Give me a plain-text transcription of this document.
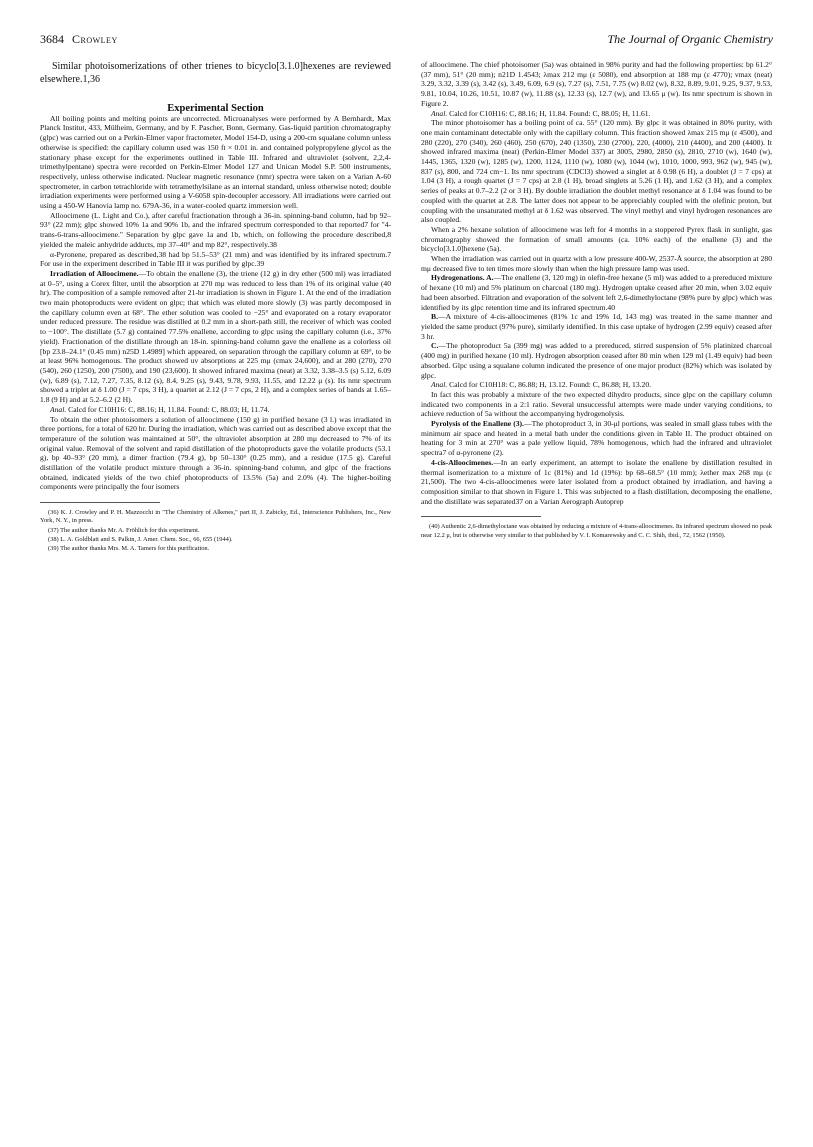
3684 Crowley	The Journal of Organic Chemistry

Similar photoisomerizations of other trienes to bicyclo[3.1.0]hexenes are reviewed elsewhere.1,36

Experimental Section

All boiling points and melting points are uncorrected. Microanalyses were performed by A Bernhardt, Max Planck Institut, 433, Mülheim, Germany, and by F. Pascher, Bonn, Germany. Gas-liquid partition chromatography (glpc) was carried out on a Perkin-Elmer vapor fractometer, Model 154-D, using a 200-cm squalane column unless otherwise is specified: the capillary column used was 150 ft × 0.01 in. and contained polypropylene glycol as the stationary phase except for the experiments outlined in Table III. Infrared and ultraviolet (solvent, 2,2,4-trimethylpentane) spectra were recorded on Perkin-Elmer Model 127 and Unican Model S.P. 500 instruments, respectively, unless otherwise indicated. Nuclear magnetic resonance (nmr) spectra were taken on a Varian A-60 spectrometer, in carbon tetrachloride with tetramethylsilane as an internal standard, unless otherwise noted; double irradiation experiments were performed using a V-6058 spin-decoupler accessory. All irradiations were carried out using a 450-W Hanovia lamp no. 679A-36, in a water-cooled quartz immersion well.

Alloocimene (L. Light and Co.), after careful fractionation through a 36-in. spinning-band column, had bp 92–93° (22 mm); glpc showed 10% 1a and 90% 1b, and the infrared spectrum corresponded to that reported7 for "4-trans-6-trans-alloocimene." Separation by glpc gave 1a and 1b, which, on following the procedure described,8 yielded the maleic anhydride adducts, mp 37–40° and mp 82°, respectively.38

α-Pyronene, prepared as described,38 had bp 51.5–53° (21 mm) and was identified by its infrared spectrum.7 For use in the experiment described in Table III it was purified by glpc.39

Irradiation of Alloocimene.—To obtain the enallene (3), the triene (12 g) in dry ether (500 ml) was irradiated at 0–5°, using a Corex filter, until the absorption at 270 mμ was reduced to less than 1% of its original value (40 hr). The composition of a sample removed after 21-hr irradiation is shown in Figure 1. At the end of the irradiation two main photoproducts were evident on glpc; that which was eluted more slowly (3) was partly decomposed in the capillary column even at 68°. The ether solution was cooled to −25° and evaporated on a rotary evaporator under reduced pressure. The residue was distilled at 0.2 mm in a short-path still, the receiver of which was cooled to −100°. The distillate (5.7 g) contained 77.5% enallene, according to glpc using the capillary column (i.e., 37% yield). Fractionation of the distillate through an 18-in. spinning-band column gave the enallene as a colorless oil [bp 23.8–24.1° (0.45 mm) n25D 1.4989] which appeared, on separation through the capillary column at 69°, to be at least 96% homogenous. The product showed uv absorptions at 225 mμ (εmax 24,600), and at 280 (270), 270 (540), 260 (1250), 200 (7500), and 190 (23,600). It showed infrared maxima (neat) at 3.32, 3.38–3.5 (s) 5.12, 6.09 (w), 6.89 (s), 7.12, 7.27, 7.35, 8.12 (s), 8.4, 9.25 (s), 9.43, 9.78, 9.93, 11.55, and 12.22 μ (s). Its nmr spectrum showed a triplet at δ 1.00 (J = 7 cps, 3 H), a quartet at 2.12 (J = 7 cps, 2 H), and a complex series of bands at 1.65–1.8 (9 H) and at 5.2–6.2 (2 H).

Anal. Calcd for C10H16: C, 88.16; H, 11.84. Found: C, 88.03; H, 11.74.

To obtain the other photoisomers a solution of alloocimene (150 g) in purified hexane (3 l.) was irradiated in three portions, for a total of 620 hr. During the irradiation, which was carried out as described above except that the temperature of the solution was maintained at 50°, the ultraviolet absorption at 280 mμ decreased to 7% of its original value. Removal of the solvent and rapid distillation of the photoproducts gave the volatile products (53.1 g), bp 40–93° (20 mm), a dimer fraction (79.4 g), bp 50–130° (0.25 mm), and a residue (17.5 g). Careful distillation of the volatile product mixture through a 36-in. spinning-band column, and glpc of the fractions obtained, indicated yields of the two chief photoproducts of 13.5% (5a) and 2.0% (4). The higher-boiling components were principally the four isomers

(36) K. J. Crowley and P. H. Mazzocchi in "The Chemistry of Alkenes," part II, J. Zabicky, Ed., Interscience Publishers, Inc., New York, N. Y., in press.

(37) The author thanks Mr. A. Fröhlich for this experiment.

(38) L. A. Goldblatt and S. Palkin, J. Amer. Chem. Soc., 66, 655 (1944).

(39) The author thanks Mrs. M. A. Tamers for this purification.

of alloocimene. The chief photoisomer (5a) was obtained in 98% purity and had the following properties: bp 61.2° (37 mm), 51° (20 mm); n21D 1.4543; λmax 212 mμ (ε 5080), end absorption at 188 mμ (ε 4770); νmax (neat) 3.29, 3.32, 3.39 (s), 3.42 (s), 3.49, 6.09, 6.9 (s), 7.27 (s), 7.51, 7.75 (w) 8.02 (w), 8.32, 8.89, 9.01, 9.25, 9.37, 9.53, 9.81, 10.04, 10.26, 10.51, 10.87 (w), 11.88 (s), 12.33 (s), 12.7 (w), and 13.65 μ (w). Its nmr spectrum is shown in Figure 2.

Anal. Calcd for C10H16: C, 88.16; H, 11.84. Found: C, 88.05; H, 11.61.

The minor photoisomer has a boiling point of ca. 55° (120 mm). By glpc it was obtained in 80% purity, with one main contaminant detectable only with the capillary column. This fraction showed λmax 215 mμ (ε 4500), and 280 (220), 270 (340), 260 (460), 250 (670), 240 (1350), 230 (2700), 220, (4000), 210 (4400), and 200 (4400). It showed infrared maxima (neat) (Perkin-Elmer Model 337) at 3005, 2980, 2850 (s), 2810, 2710 (w), 1640 (w), 1445, 1365, 1320 (w), 1285 (w), 1200, 1124, 1110 (w), 1080 (w), 1044 (w), 1010, 1000, 993, 962 (w), 945 (w), 837 (s), 800, and 724 cm−1. Its nmr spectrum (CDCl3) showed a singlet at δ 0.98 (6 H), a doublet (J = 7 cps) at 1.04 (3 H), a rough quartet (J = 7 cps) at 2.8 (1 H), broad singlets at 5.26 (1 H), and 1.62 (3 H), and a complex series of peaks at 0.7–2.2 (2 or 3 H). By double irradiation the doublet methyl resonance at δ 1.04 was found to be coupled with the quartet at 2.8. The latter does not appear to be appreciably coupled with the olefinic proton, but coupling with the unsaturated methyl at δ 1.62 was observed. The vinyl methyl and vinyl hydrogen resonances are also coupled.

When a 2% hexane solution of alloocimene was left for 4 months in a stoppered Pyrex flask in sunlight, gas chromatography showed the formation of small amounts (ca. 10% each) of the enallene (3) and the bicyclo[3.1.0]hexene (5a).

When the irradiation was carried out in quartz with a low pressure 400-W, 2537-Å source, the absorption at 280 mμ decreased five to ten times more slowly than when the high pressure lamp was used.

Hydrogenations. A.—The enallene (3, 120 mg) in olefin-free hexane (5 ml) was added to a prereduced mixture of hexane (10 ml) and 5% platinum on charcoal (180 mg). Hydrogen uptake ceased after 20 min, when 3.02 equiv had been absorbed. Filtration and evaporation of the solvent left 2,6-dimethyloctane (98% pure by glpc) which was identified by its glpc retention time and its infrared spectrum.40

B.—A mixture of 4-cis-alloocimenes (81% 1c and 19% 1d, 143 mg) was treated in the same manner and yielded the same product (97% pure), similarly identified. In this case uptake of hydrogen (2.99 equiv) ceased after 3 hr.

C.—The photoproduct 5a (399 mg) was added to a prereduced, stirred suspension of 5% platinized charcoal (400 mg) in purified hexane (10 ml). Hydrogen absorption ceased after 80 min when 129 ml (1.49 equiv) had been absorbed. Glpc using a squalane column indicated the presence of one major product (82%) which was isolated by glpc.

Anal. Calcd for C10H18: C, 86.88; H, 13.12. Found: C, 86.88; H, 13.20.

In fact this was probably a mixture of the two expected dihydro products, since glpc on the capillary column indicated two components in a 2:1 ratio. Several unsuccessful attempts were made under varying conditions, to achieve reduction of 5a without the accompanying hydrogenolysis.

Pyrolysis of the Enallene (3).—The photoproduct 3, in 30-μl portions, was sealed in small glass tubes with the minimum air space and heated in a metal bath under the conditions given in Table II. The product obtained on heating for 3 min at 270° was a pale yellow liquid, 78% homogenous, which had the infrared and ultraviolet spectra7 of α-pyronene (2).

4-cis-Alloocimenes.—In an early experiment, an attempt to isolate the enallene by distillation resulted in thermal isomerization to a mixture of 1c (81%) and 1d (19%): bp 68–68.5° (10 mm); λether max 268 mμ (ε 21,500). The two 4-cis-alloocimenes were later isolated from a product obtained by irradiation, and having a composition similar to that shown in Figure 1. This was subjected to a flash distillation, decomposing the enallene, and the distillate was separated37 on a Varian Aerograph Autoprep

(40) Authentic 2,6-dimethyloctane was obtained by reducing a mixture of 4-trans-alloocimenes. Its infrared spectrum showed no peak near 12.2 μ, but is otherwise very similar to that published by V. I. Komarewsky and C. C. Shih, ibid., 72, 1562 (1950).
